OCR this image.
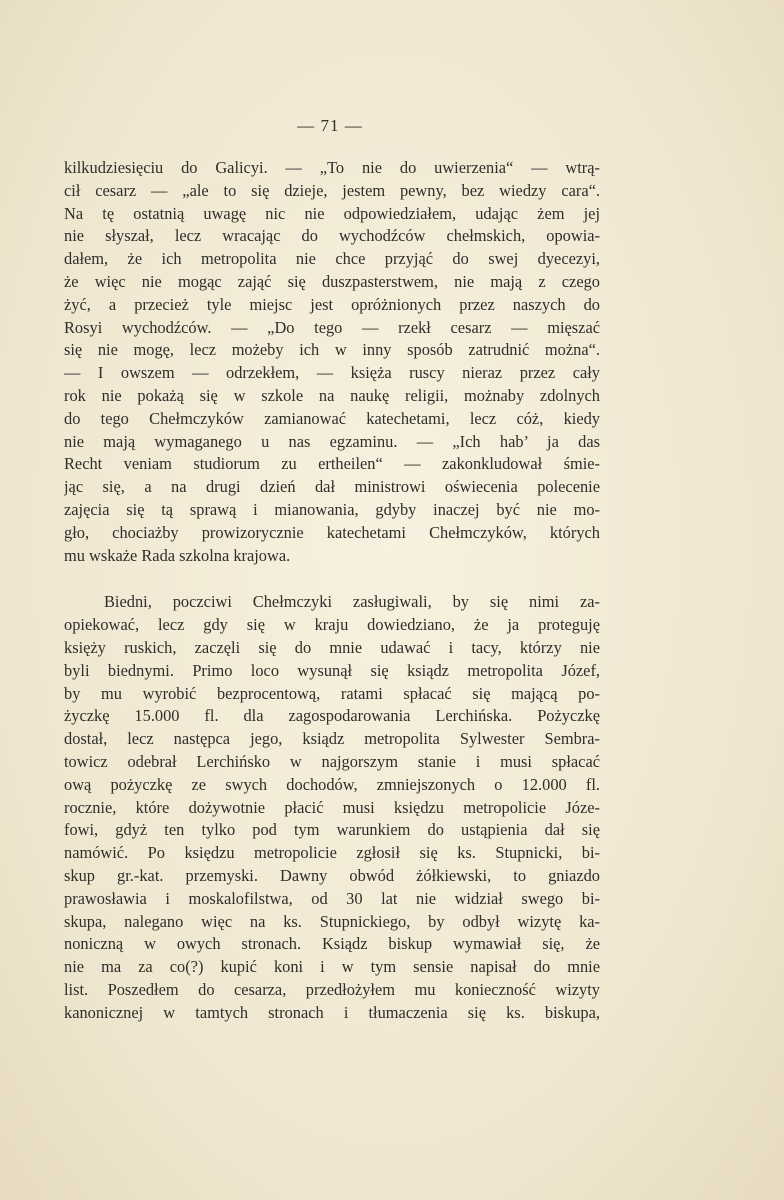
— 71 —
kilkudziesięciu do Galicyi. — „To nie do uwierzenia“ — wtrą-
cił cesarz — „ale to się dzieje, jestem pewny, bez wiedzy cara“.
Na tę ostatnią uwagę nic nie odpowiedziałem, udając żem jej
nie słyszał, lecz wracając do wychodźców chełmskich, opowia-
dałem, że ich metropolita nie chce przyjąć do swej dyecezyi,
że więc nie mogąc zająć się duszpasterstwem, nie mają z czego
żyć, a przecież tyle miejsc jest opróżnionych przez naszych do
Rosyi wychodźców. — „Do tego — rzekł cesarz — mięszać
się nie mogę, lecz możeby ich w inny sposób zatrudnić można“.
— I owszem — odrzekłem, — księża ruscy nieraz przez cały
rok nie pokażą się w szkole na naukę religii, możnaby zdolnych
do tego Chełmczyków zamianować katechetami, lecz cóż, kiedy
nie mają wymaganego u nas egzaminu. — „Ich hab’ ja das
Recht veniam studiorum zu ertheilen“ — zakonkludował śmie-
jąc się, a na drugi dzień dał ministrowi oświecenia polecenie
zajęcia się tą sprawą i mianowania, gdyby inaczej być nie mo-
gło, chociażby prowizorycznie katechetami Chełmczyków, których
mu wskaże Rada szkolna krajowa.
Biedni, poczciwi Chełmczyki zasługiwali, by się nimi za-
opiekować, lecz gdy się w kraju dowiedziano, że ja proteguję
księży ruskich, zaczęli się do mnie udawać i tacy, którzy nie
byli biednymi. Primo loco wysunął się ksiądz metropolita Józef,
by mu wyrobić bezprocentową, ratami spłacać się mającą po-
życzkę 15.000 fl. dla zagospodarowania Lerchińska. Pożyczkę
dostał, lecz następca jego, ksiądz metropolita Sylwester Sembra-
towicz odebrał Lerchińsko w najgorszym stanie i musi spłacać
ową pożyczkę ze swych dochodów, zmniejszonych o 12.000 fl.
rocznie, które dożywotnie płacić musi księdzu metropolicie Józe-
fowi, gdyż ten tylko pod tym warunkiem do ustąpienia dał się
namówić. Po księdzu metropolicie zgłosił się ks. Stupnicki, bi-
skup gr.-kat. przemyski. Dawny obwód żółkiewski, to gniazdo
prawosławia i moskalofilstwa, od 30 lat nie widział swego bi-
skupa, nalegano więc na ks. Stupnickiego, by odbył wizytę ka-
noniczną w owych stronach. Ksiądz biskup wymawiał się, że
nie ma za co(?) kupić koni i w tym sensie napisał do mnie
list. Poszedłem do cesarza, przedłożyłem mu konieczność wizyty
kanonicznej w tamtych stronach i tłumaczenia się ks. biskupa,
